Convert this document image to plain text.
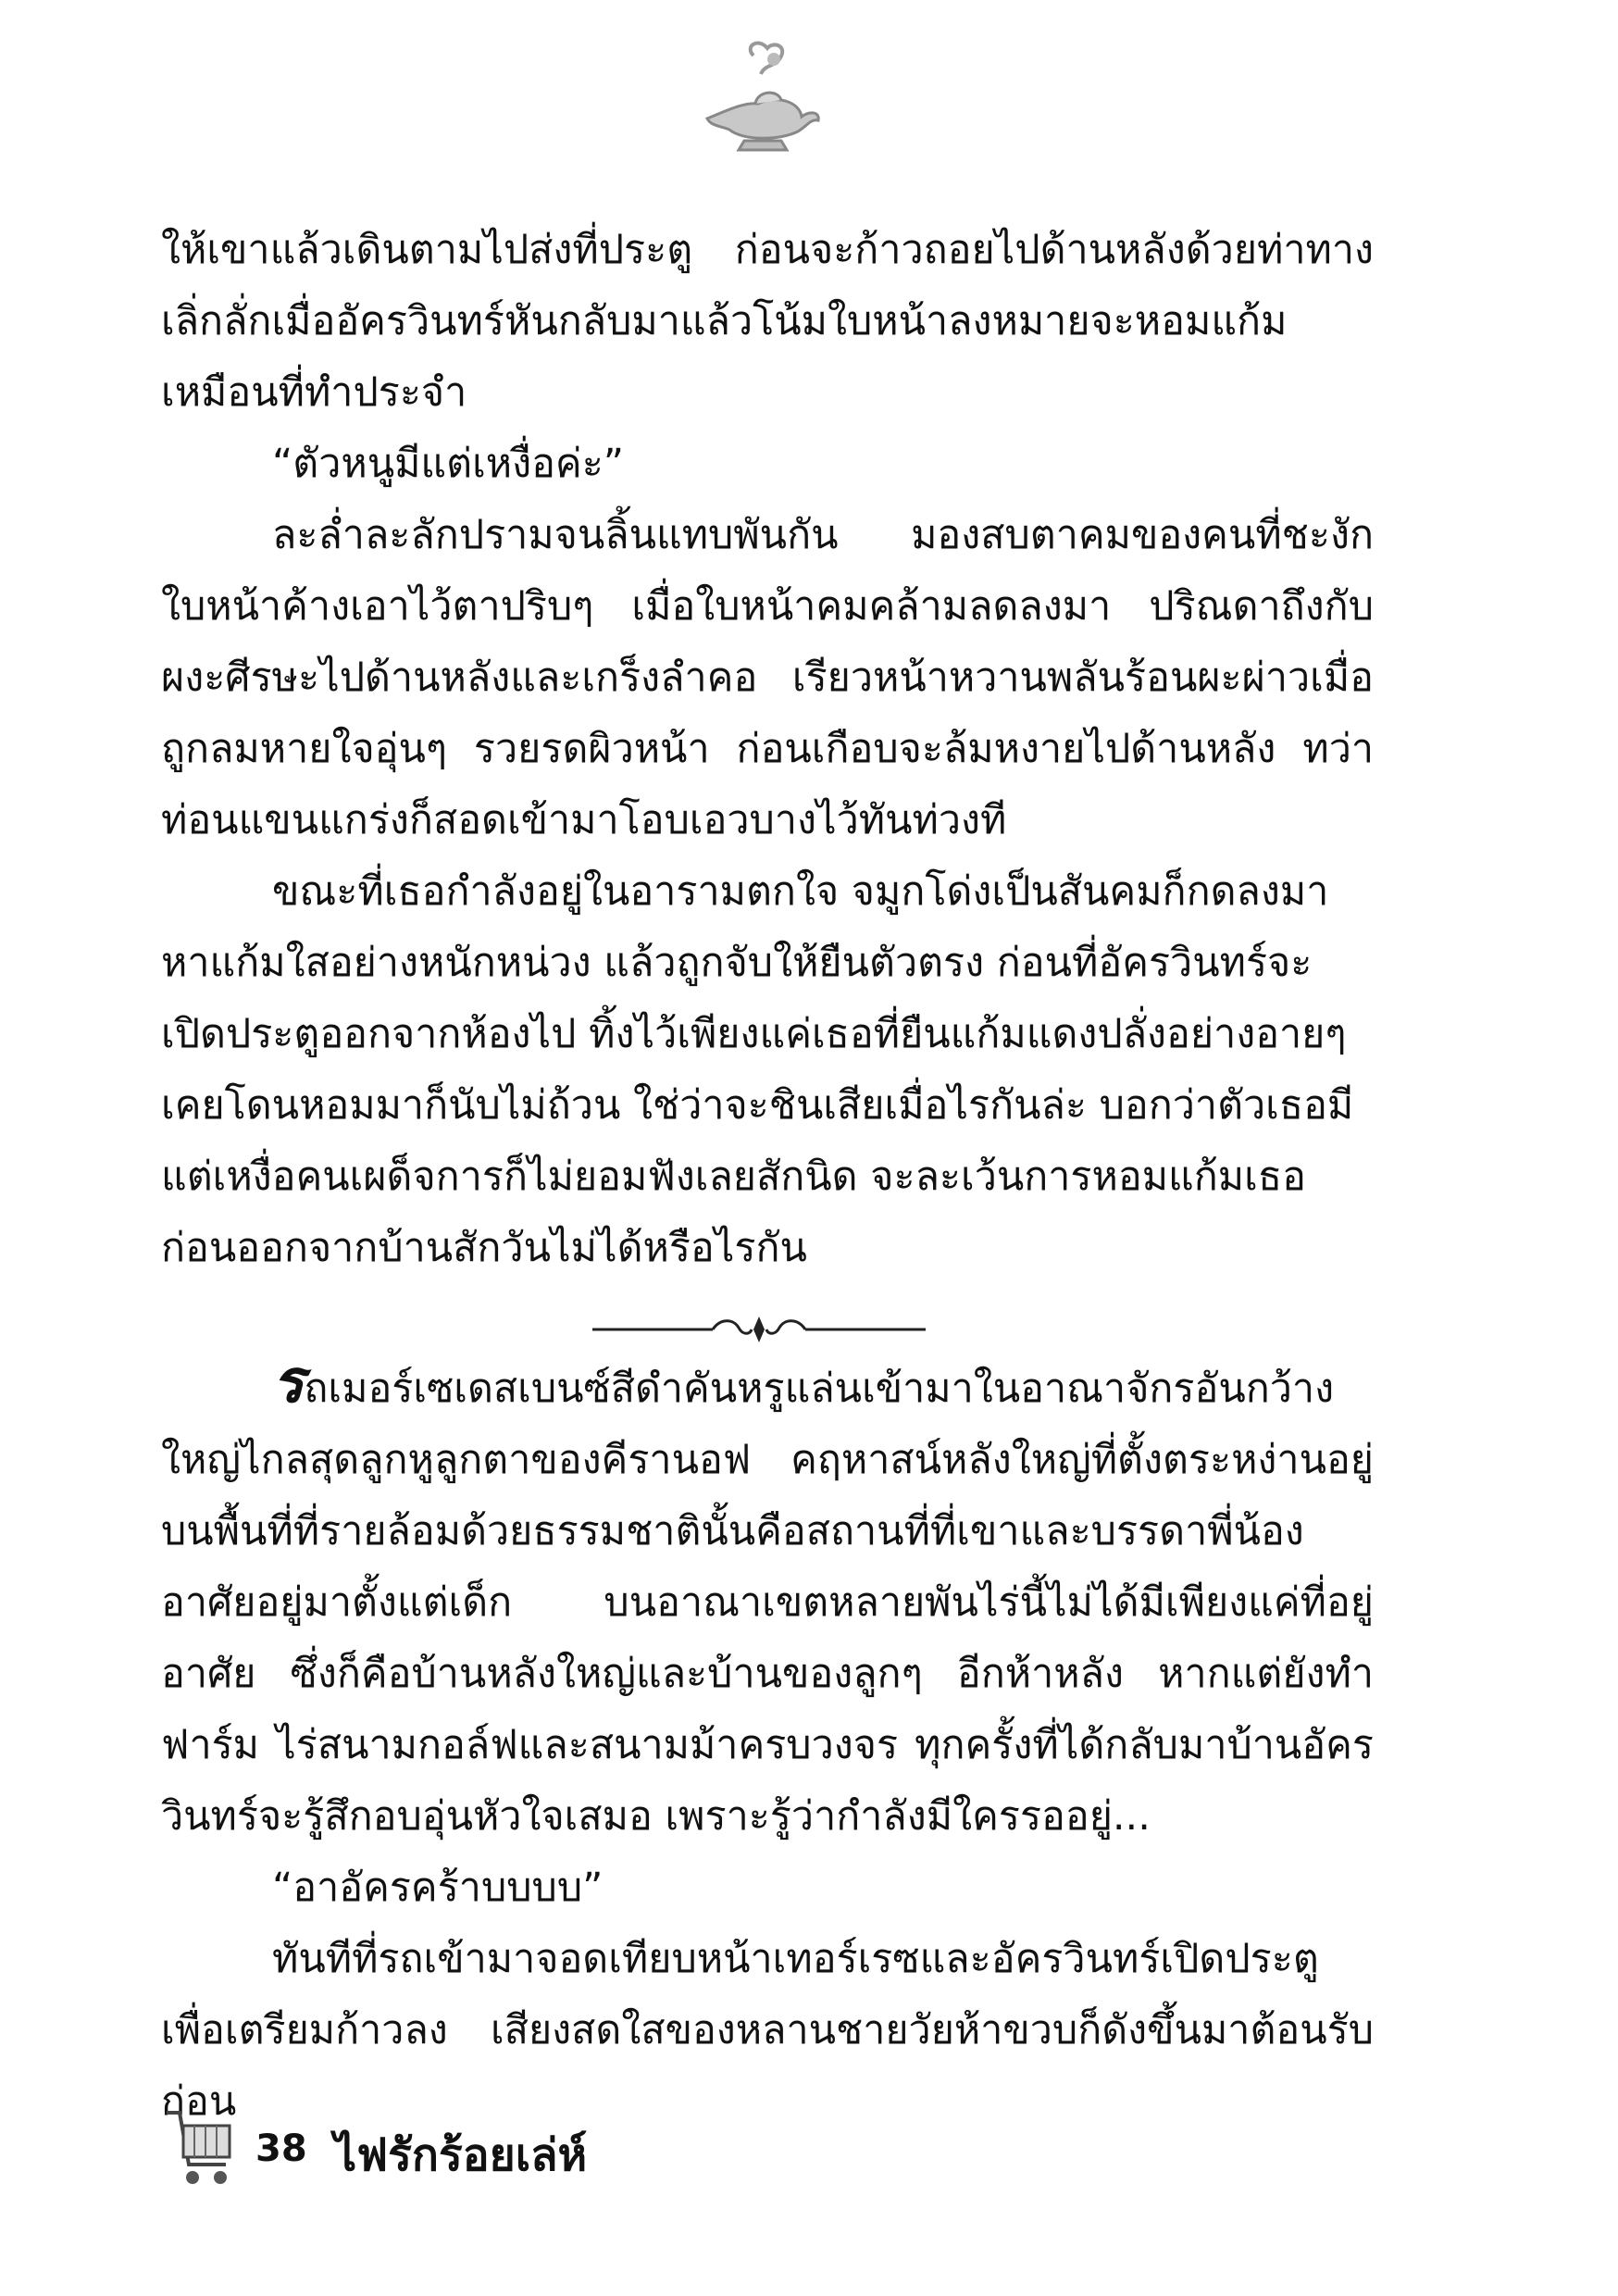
ให้เขาแล้วเดินตามไปส่งที่ประตู ก่อนจะก้าวถอยไปด้านหลังด้วยท่าทางเลิ่กลั่กเมื่ออัครวินทร์หันกลับมาแล้วโน้มใบหน้าลงหมายจะหอมแก้มเหมือนที่ทำประจำ

“ตัวหนูมีแต่เหงื่อค่ะ”

ละล่ำละลักปรามจนลิ้นแทบพันกัน มองสบตาคมของคนที่ชะงักใบหน้าค้างเอาไว้ตาปริบๆ เมื่อใบหน้าคมคล้ามลดลงมา ปริณดาถึงกับผงะศีรษะไปด้านหลังและเกร็งลำคอ เรียวหน้าหวานพลันร้อนผะผ่าวเมื่อถูกลมหายใจอุ่นๆ รวยรดผิวหน้า ก่อนเกือบจะล้มหงายไปด้านหลัง ทว่าท่อนแขนแกร่งก็สอดเข้ามาโอบเอวบางไว้ทันท่วงที

ขณะที่เธอกำลังอยู่ในอารามตกใจ จมูกโด่งเป็นสันคมก็กดลงมาหาแก้มใสอย่างหนักหน่วง แล้วถูกจับให้ยืนตัวตรง ก่อนที่อัครวินทร์จะเปิดประตูออกจากห้องไป ทิ้งไว้เพียงแค่เธอที่ยืนแก้มแดงปลั่งอย่างอายๆ เคยโดนหอมมาก็นับไม่ถ้วน ใช่ว่าจะชินเสียเมื่อไรกันล่ะ บอกว่าตัวเธอมีแต่เหงื่อคนเผด็จการก็ไม่ยอมฟังเลยสักนิด จะละเว้นการหอมแก้มเธอก่อนออกจากบ้านสักวันไม่ได้หรือไรกัน

รถเมอร์เซเดสเบนซ์สีดำคันหรูแล่นเข้ามาในอาณาจักรอันกว้างใหญ่ไกลสุดลูกหูลูกตาของคีรานอฟ คฤหาสน์หลังใหญ่ที่ตั้งตระหง่านอยู่บนพื้นที่ที่รายล้อมด้วยธรรมชาตินั้นคือสถานที่ที่เขาและบรรดาพี่น้องอาศัยอยู่มาตั้งแต่เด็ก บนอาณาเขตหลายพันไร่นี้ไม่ได้มีเพียงแค่ที่อยู่อาศัย ซึ่งก็คือบ้านหลังใหญ่และบ้านของลูกๆ อีกห้าหลัง หากแต่ยังทำฟาร์ม ไร่สนามกอล์ฟและสนามม้าครบวงจร ทุกครั้งที่ได้กลับมาบ้านอัครวินทร์จะรู้สึกอบอุ่นหัวใจเสมอ เพราะรู้ว่ากำลังมีใครรออยู่...

“อาอัครคร้าบบบบ”

ทันทีที่รถเข้ามาจอดเทียบหน้าเทอร์เรซและอัครวินทร์เปิดประตูเพื่อเตรียมก้าวลง เสียงสดใสของหลานชายวัยห้าขวบก็ดังขึ้นมาต้อนรับ ก่อน

38 ไฟรักร้อยเล่ห์
